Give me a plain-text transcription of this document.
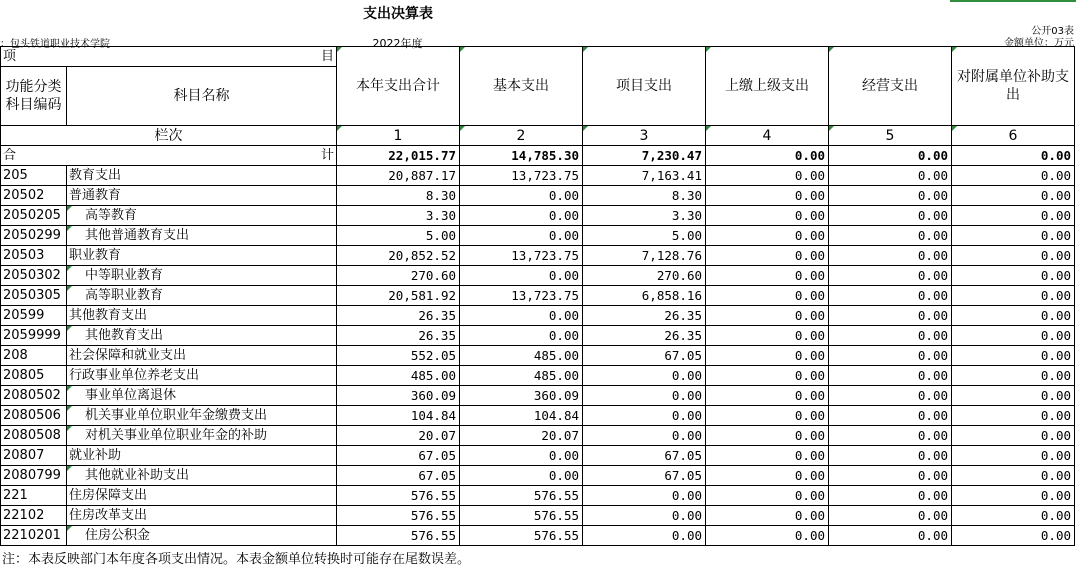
支出决算表
公开03表
金额单位：万元
：包头铁道职业技术学院	2022年度
项 目		本年支出合计	基本支出	项目支出	上缴上级支出	经营支出	对附属单位补助支出
功能分类科目编码	科目名称						
栏次		1	2	3	4	5	6

合 计		22,015.77	14,785.30	7,230.47	0.00	0.00	0.00
205	教育支出	20,887.17	13,723.75	7,163.41	0.00	0.00	0.00
20502	普通教育	8.30	0.00	8.30	0.00	0.00	0.00
2050205	高等教育	3.30	0.00	3.30	0.00	0.00	0.00
2050299	其他普通教育支出	5.00	0.00	5.00	0.00	0.00	0.00
20503	职业教育	20,852.52	13,723.75	7,128.76	0.00	0.00	0.00
2050302	中等职业教育	270.60	0.00	270.60	0.00	0.00	0.00
2050305	高等职业教育	20,581.92	13,723.75	6,858.16	0.00	0.00	0.00
20599	其他教育支出	26.35	0.00	26.35	0.00	0.00	0.00
2059999	其他教育支出	26.35	0.00	26.35	0.00	0.00	0.00
208	社会保障和就业支出	552.05	485.00	67.05	0.00	0.00	0.00
20805	行政事业单位养老支出	485.00	485.00	0.00	0.00	0.00	0.00
2080502	事业单位离退休	360.09	360.09	0.00	0.00	0.00	0.00
2080506	机关事业单位职业年金缴费支出	104.84	104.84	0.00	0.00	0.00	0.00
2080508	对机关事业单位职业年金的补助	20.07	20.07	0.00	0.00	0.00	0.00
20807	就业补助	67.05	0.00	67.05	0.00	0.00	0.00
2080799	其他就业补助支出	67.05	0.00	67.05	0.00	0.00	0.00
221	住房保障支出	576.55	576.55	0.00	0.00	0.00	0.00
22102	住房改革支出	576.55	576.55	0.00	0.00	0.00	0.00
2210201	住房公积金	576.55	576.55	0.00	0.00	0.00	0.00
注：本表反映部门本年度各项支出情况。本表金额单位转换时可能存在尾数误差。
